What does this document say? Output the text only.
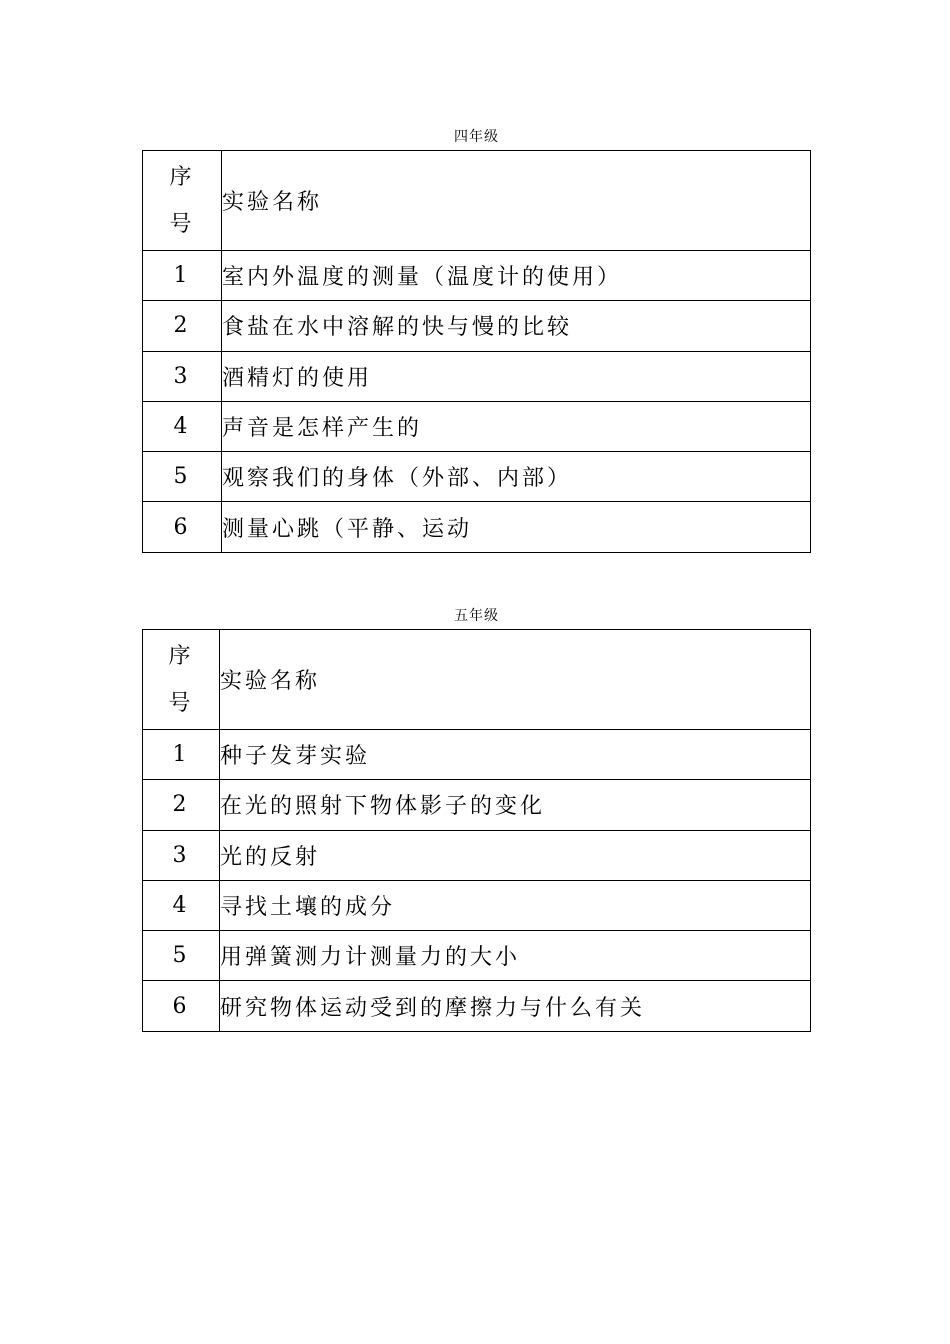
四年级
序
号	实验名称
1	室内外温度的测量（温度计的使用）
2	食盐在水中溶解的快与慢的比较
3	酒精灯的使用
4	声音是怎样产生的
5	观察我们的身体（外部、内部）
6	测量心跳（平静、运动
五年级
序
号	实验名称
1	种子发芽实验
2	在光的照射下物体影子的变化
3	光的反射
4	寻找土壤的成分
5	用弹簧测力计测量力的大小
6	研究物体运动受到的摩擦力与什么有关
